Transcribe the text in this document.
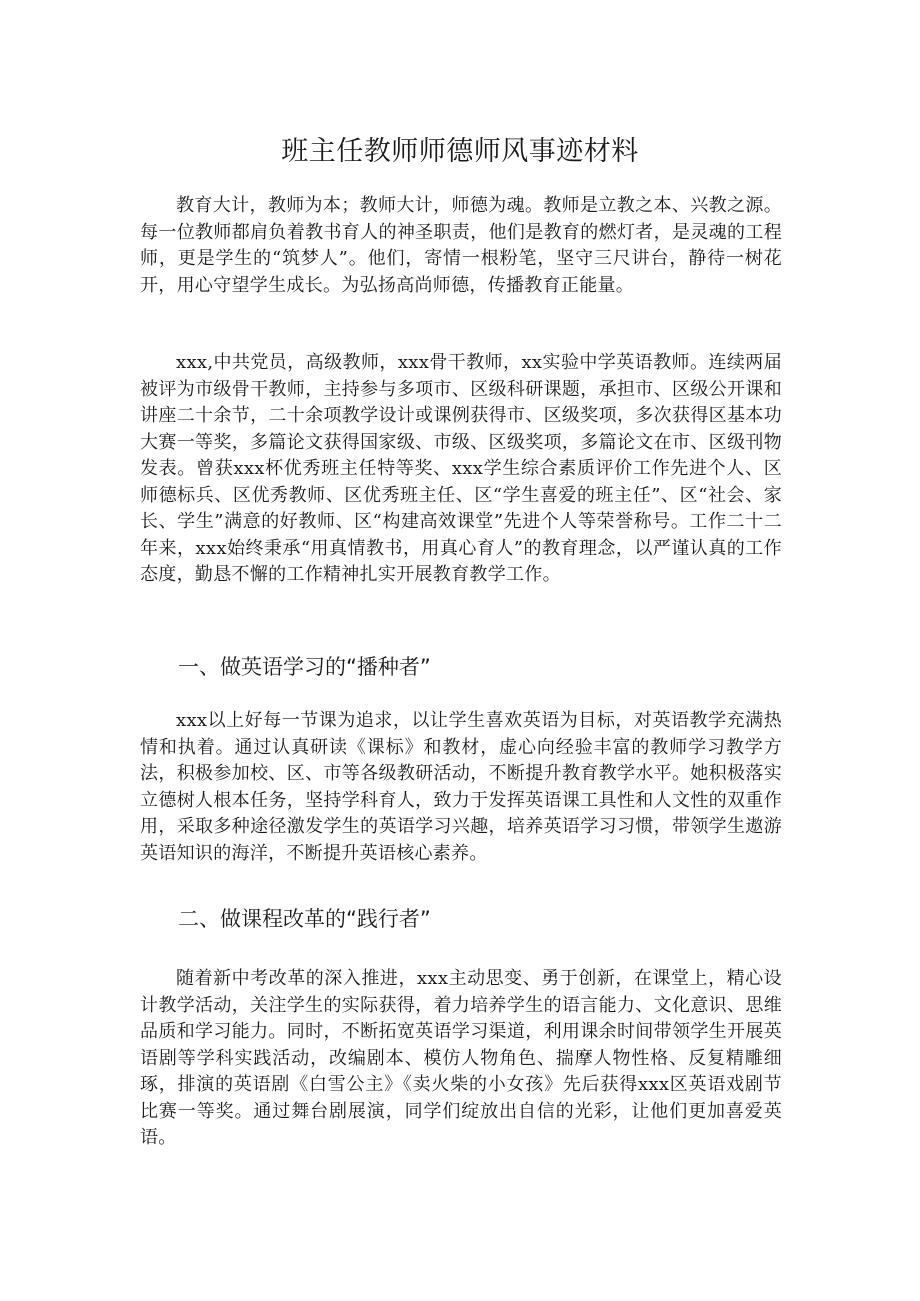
班主任教师师德师风事迹材料

教育大计，教师为本；教师大计，师德为魂。教师是立教之本、兴教之源。每一位教师都肩负着教书育人的神圣职责，他们是教育的燃灯者，是灵魂的工程师，更是学生的“筑梦人”。他们，寄情一根粉笔，坚守三尺讲台，静待一树花开，用心守望学生成长。为弘扬高尚师德，传播教育正能量。

xxx,中共党员，高级教师，xxx骨干教师，xx实验中学英语教师。连续两届被评为市级骨干教师，主持参与多项市、区级科研课题，承担市、区级公开课和讲座二十余节，二十余项教学设计或课例获得市、区级奖项，多次获得区基本功大赛一等奖，多篇论文获得国家级、市级、区级奖项，多篇论文在市、区级刊物发表。曾获xxx杯优秀班主任特等奖、xxx学生综合素质评价工作先进个人、区师德标兵、区优秀教师、区优秀班主任、区“学生喜爱的班主任”、区“社会、家长、学生”满意的好教师、区“构建高效课堂”先进个人等荣誉称号。工作二十二年来，xxx始终秉承“用真情教书，用真心育人”的教育理念，以严谨认真的工作态度，勤恳不懈的工作精神扎实开展教育教学工作。

一、做英语学习的“播种者”

xxx以上好每一节课为追求，以让学生喜欢英语为目标，对英语教学充满热情和执着。通过认真研读《课标》和教材，虚心向经验丰富的教师学习教学方法，积极参加校、区、市等各级教研活动，不断提升教育教学水平。她积极落实立德树人根本任务，坚持学科育人，致力于发挥英语课工具性和人文性的双重作用，采取多种途径激发学生的英语学习兴趣，培养英语学习习惯，带领学生遨游英语知识的海洋，不断提升英语核心素养。

二、做课程改革的“践行者”

随着新中考改革的深入推进，xxx主动思变、勇于创新，在课堂上，精心设计教学活动，关注学生的实际获得，着力培养学生的语言能力、文化意识、思维品质和学习能力。同时，不断拓宽英语学习渠道，利用课余时间带领学生开展英语剧等学科实践活动，改编剧本、模仿人物角色、揣摩人物性格、反复精雕细琢，排演的英语剧《白雪公主》《卖火柴的小女孩》先后获得xxx区英语戏剧节比赛一等奖。通过舞台剧展演，同学们绽放出自信的光彩，让他们更加喜爱英语。
